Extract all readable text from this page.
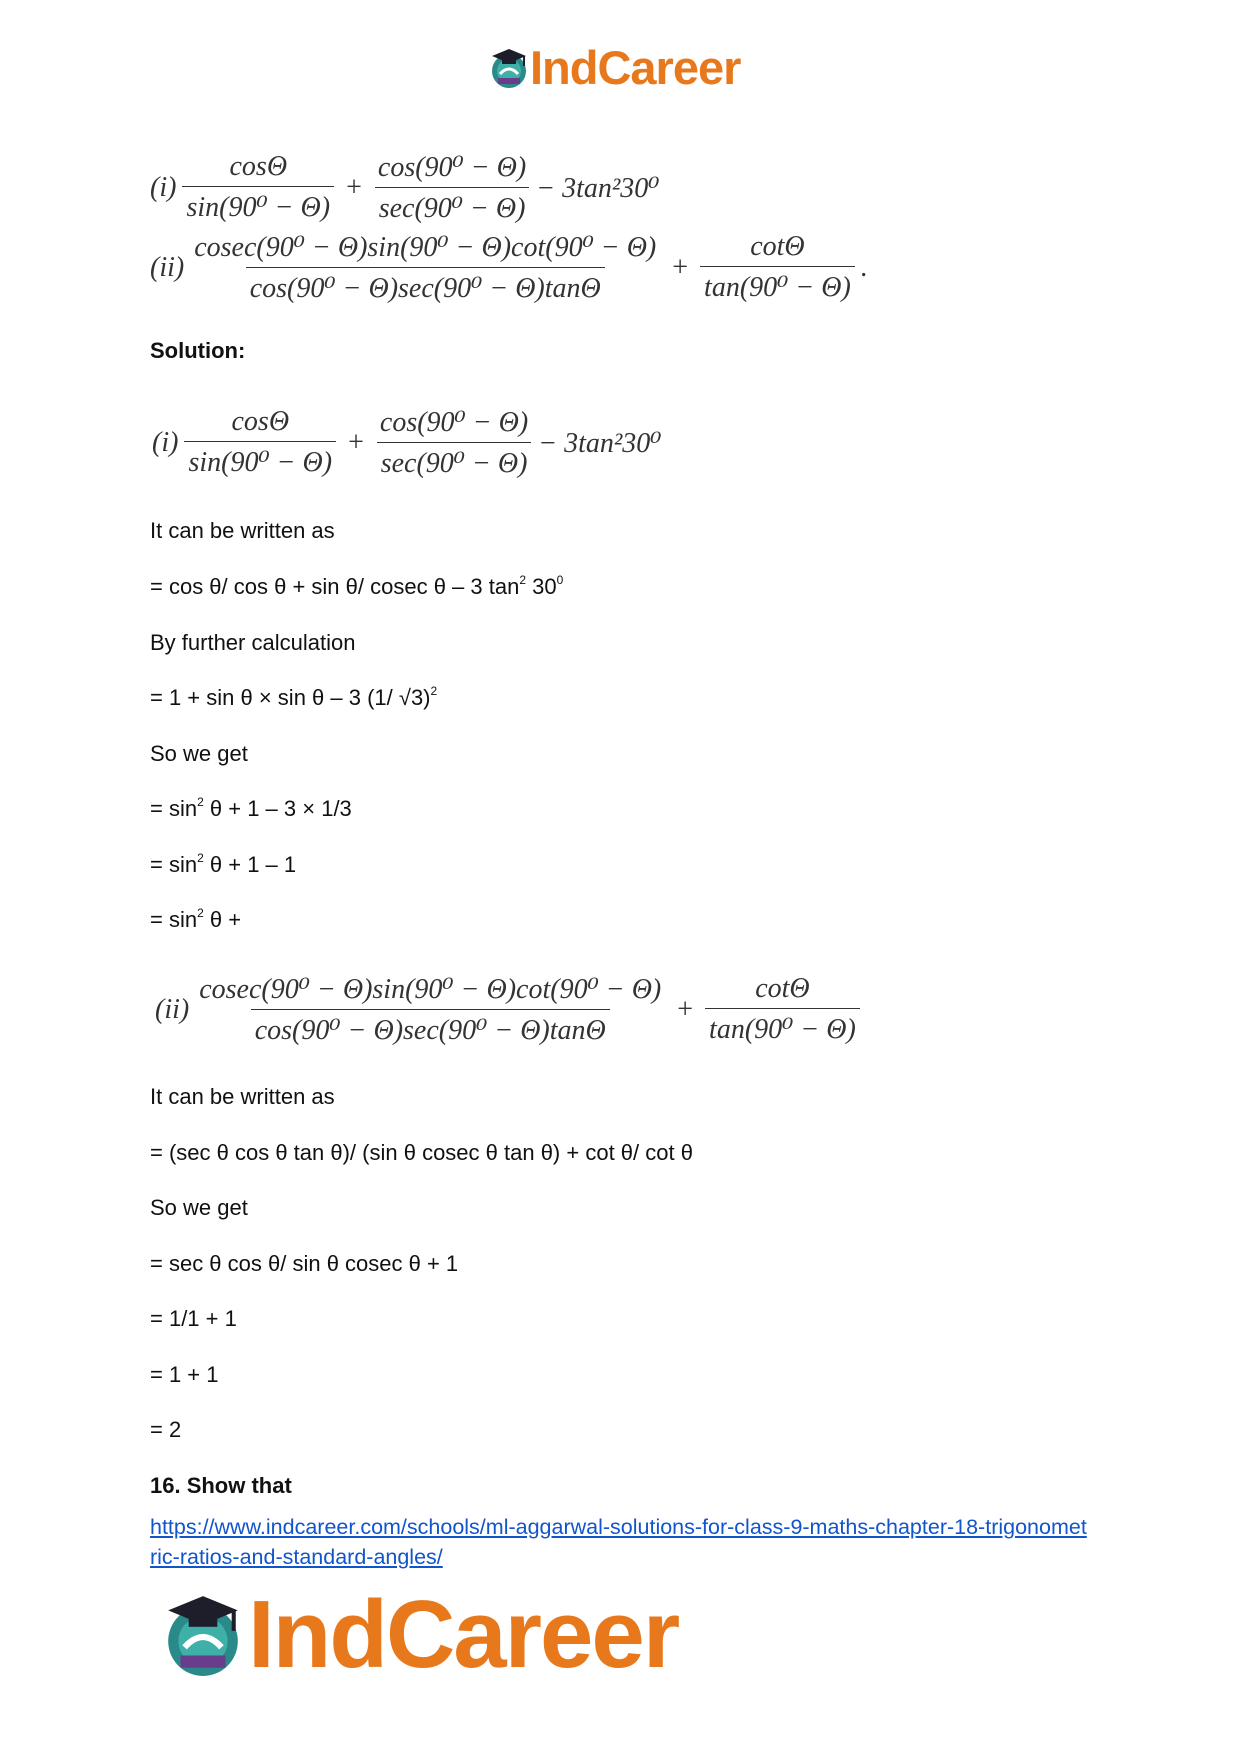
IndCareer
$(i) \frac{\cos\Theta}{\text{sin(90⁰ − Θ)}} + \frac{\text{cos(90⁰ − Θ)}}{\text{sec(90⁰ − Θ)}} - 3\tan^230^0$
$(ii) \frac{\text{cosec(90⁰ − Θ)sin(90⁰ − Θ)cot(90⁰ − Θ)}}{\text{cos(90⁰ − Θ)sec(90⁰ − Θ)tanΘ}} + \frac{\cot\Theta}{\text{tan(90⁰ − Θ)}}$ .
Solution:
$(i) \frac{\cos\Theta}{\text{sin(90⁰ − Θ)}} + \frac{\text{cos(90⁰ − Θ)}}{\text{sec(90⁰ − Θ)}} - 3\tan^230^0$
It can be written as
= cos θ/ cos θ + sin θ/ cosec θ – 3 $\tan^2 30^0$
By further calculation
= 1 + sin θ × sin θ – 3 (1/ √3)$^2$
So we get
= $\sin^2 \theta + 1 - 3 \times 1/3$
= $\sin^2 \theta + 1 - 1$
= $\sin^2 \theta$ +
$(ii) \frac{\text{cosec(90⁰ − Θ)sin(90⁰ − Θ)cot(90⁰ − Θ)}}{\text{cos(90⁰ − Θ)sec(90⁰ − Θ)tanΘ}} + \frac{\cot\Theta}{\text{tan(90⁰ − Θ)}}$
It can be written as
= (sec θ cos θ tan θ)/ (sin θ cosec θ tan θ) + cot θ/ cot θ
So we get
= sec θ cos θ/ sin θ cosec θ + 1
= 1/1 + 1
= 1 + 1
= 2
16. Show that
https://www.indcareer.com/schools/ml-aggarwal-solutions-for-class-9-maths-chapter-18-trigonometric-ratios-and-standard-angles/
IndCareer
